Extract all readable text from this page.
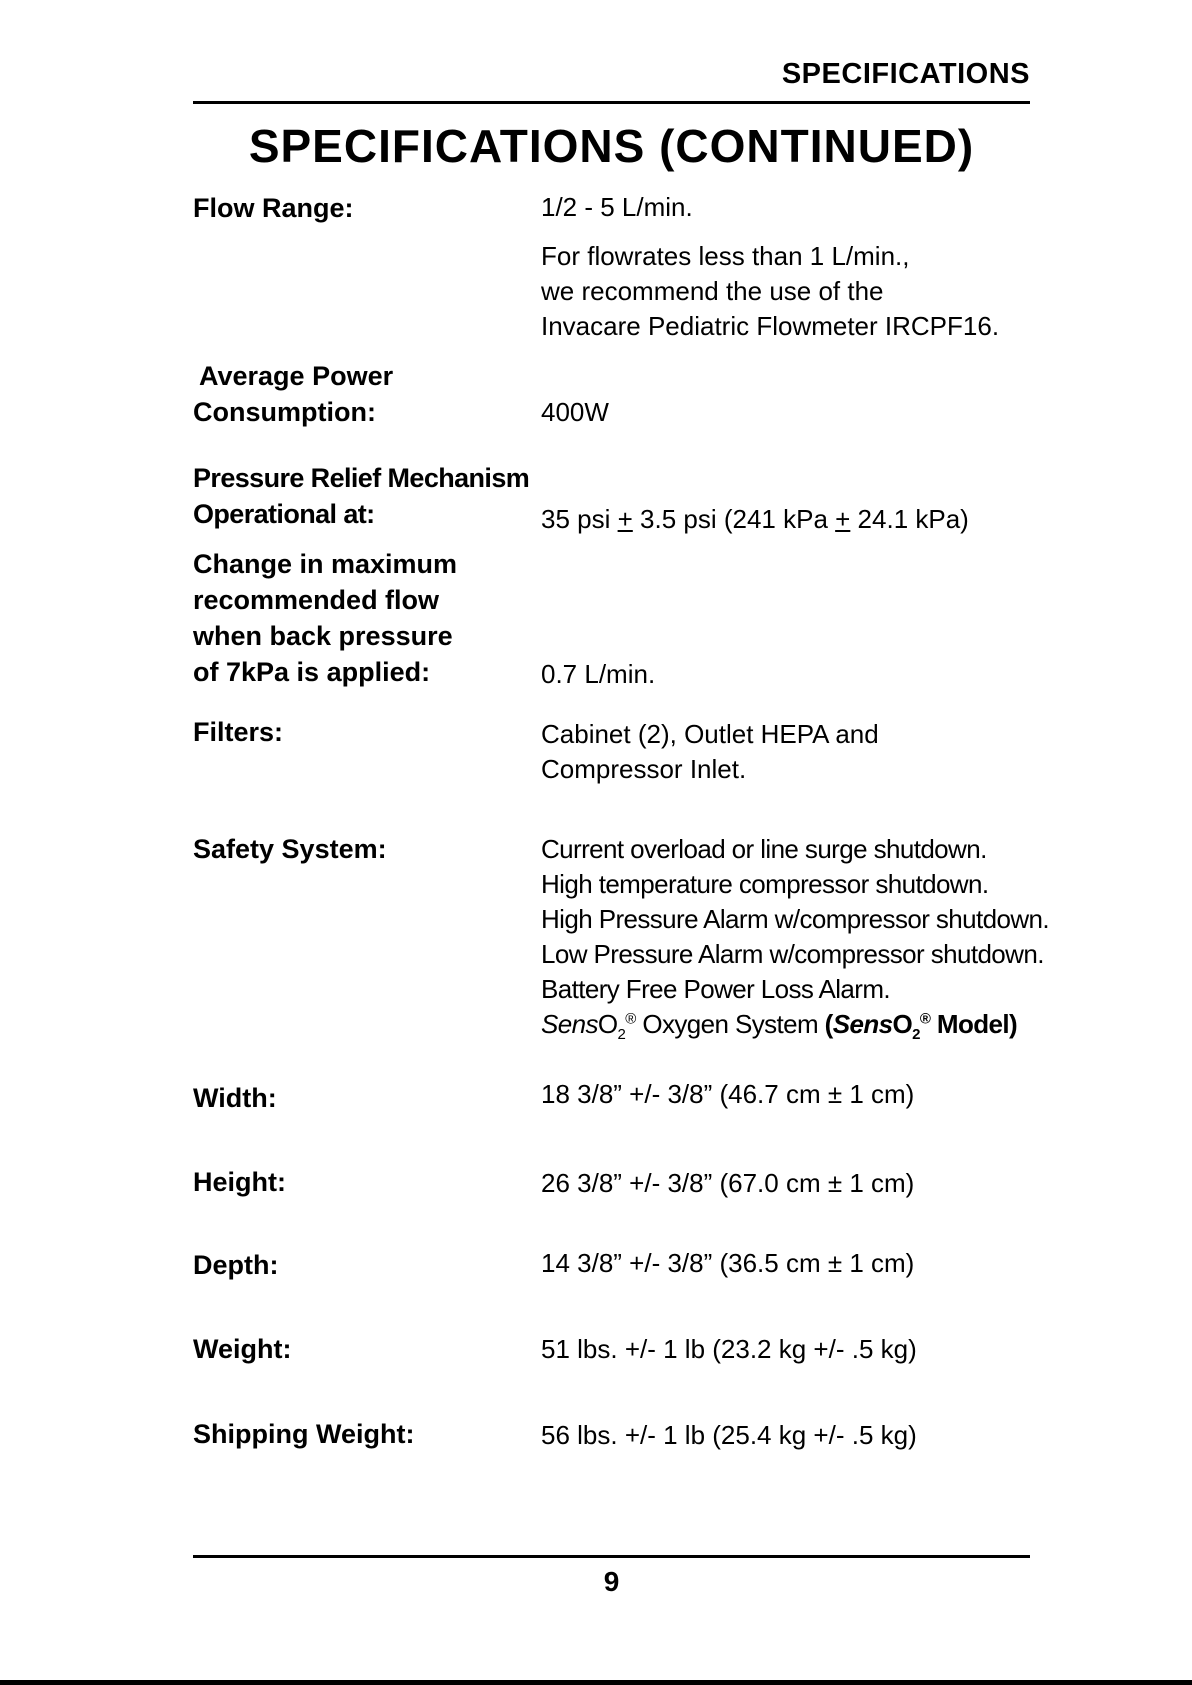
SPECIFICATIONS
SPECIFICATIONS (CONTINUED)
Flow Range:	1/2 - 5 L/min.
For flowrates less than 1 L/min.,
we recommend the use of the
Invacare Pediatric Flowmeter IRCPF16.
Average Power
Consumption:	400W
Pressure Relief Mechanism
Operational at:	35 psi + 3.5 psi (241 kPa + 24.1 kPa)
Change in maximum
recommended flow
when back pressure
of 7kPa is applied:	0.7 L/min.
Filters:	Cabinet (2), Outlet HEPA and
Compressor Inlet.
Safety System:	Current overload or line surge shutdown.
High temperature compressor shutdown.
High Pressure Alarm w/compressor shutdown.
Low Pressure Alarm w/compressor shutdown.
Battery Free Power Loss Alarm.
SensO$_2$® Oxygen System (SensO$_2$® Model)
Width:	18 3/8” +/- 3/8” (46.7 cm ± 1 cm)
Height:	26 3/8” +/- 3/8” (67.0 cm ± 1 cm)
Depth:	14 3/8” +/- 3/8” (36.5 cm ± 1 cm)
Weight:	51 lbs. +/- 1 lb (23.2 kg +/- .5 kg)
Shipping Weight:	56 lbs. +/- 1 lb (25.4 kg +/- .5 kg)
9
